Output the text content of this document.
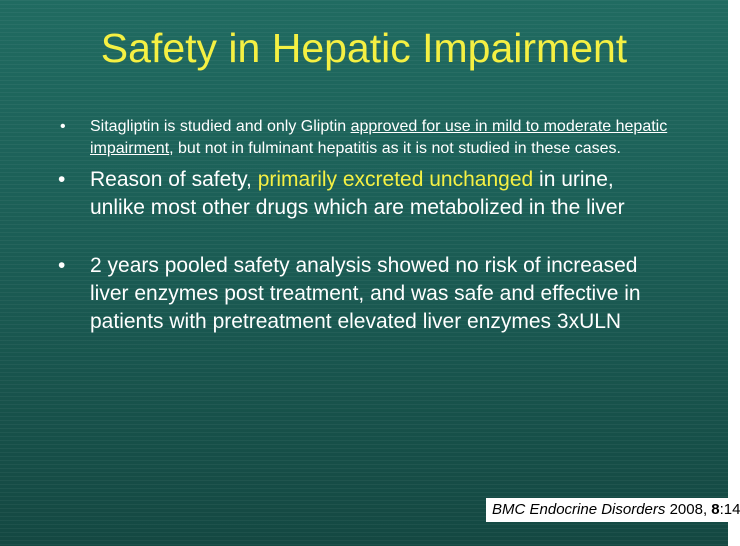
Safety in Hepatic Impairment
• Sitagliptin is studied and only Gliptin approved for use in mild to moderate hepatic impairment, but not in fulminant hepatitis as it is not studied in these cases.
• Reason of safety, primarily excreted unchanged in urine, unlike most other drugs which are metabolized in the liver
• 2 years pooled safety analysis showed no risk of increased liver enzymes post treatment, and was safe and effective in patients with pretreatment elevated liver enzymes 3xULN
BMC Endocrine Disorders 2008, 8:14
